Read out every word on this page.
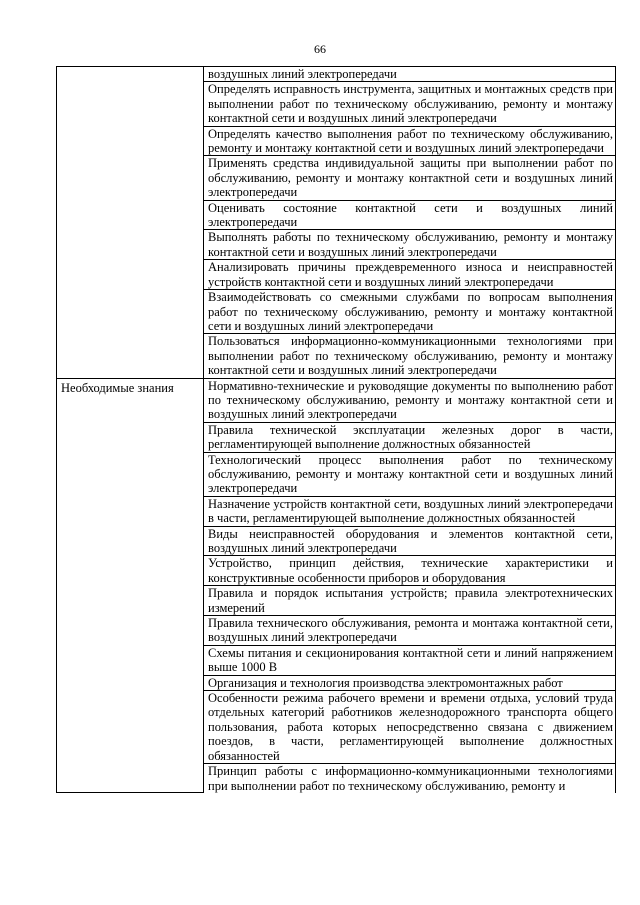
66
	воздушных линий электропередачи
	Определять исправность инструмента, защитных и монтажных средств при выполнении работ по техническому обслуживанию, ремонту и монтажу контактной сети и воздушных линий электропередачи
	Определять качество выполнения работ по техническому обслуживанию, ремонту и монтажу контактной сети и воздушных линий электропередачи
	Применять средства индивидуальной защиты при выполнении работ по обслуживанию, ремонту и монтажу контактной сети и воздушных линий электропередачи
	Оценивать состояние контактной сети и воздушных линий электропередачи
	Выполнять работы по техническому обслуживанию, ремонту и монтажу контактной сети и воздушных линий электропередачи
	Анализировать причины преждевременного износа и неисправностей устройств контактной сети и воздушных линий электропередачи
	Взаимодействовать со смежными службами по вопросам выполнения работ по техническому обслуживанию, ремонту и монтажу контактной сети и воздушных линий электропередачи
	Пользоваться информационно-коммуникационными технологиями при выполнении работ по техническому обслуживанию, ремонту и монтажу контактной сети и воздушных линий электропередачи
Необходимые знания	Нормативно-технические и руководящие документы по выполнению работ по техническому обслуживанию, ремонту и монтажу контактной сети и воздушных линий электропередачи
	Правила технической эксплуатации железных дорог в части, регламентирующей выполнение должностных обязанностей
	Технологический процесс выполнения работ по техническому обслуживанию, ремонту и монтажу контактной сети и воздушных линий электропередачи
	Назначение устройств контактной сети, воздушных линий электропередачи в части, регламентирующей выполнение должностных обязанностей
	Виды неисправностей оборудования и элементов контактной сети, воздушных линий электропередачи
	Устройство, принцип действия, технические характеристики и конструктивные особенности приборов и оборудования
	Правила и порядок испытания устройств; правила электротехнических измерений
	Правила технического обслуживания, ремонта и монтажа контактной сети, воздушных линий электропередачи
	Схемы питания и секционирования контактной сети и линий напряжением выше 1000 В
	Организация и технология производства электромонтажных работ
	Особенности режима рабочего времени и времени отдыха, условий труда отдельных категорий работников железнодорожного транспорта общего пользования, работа которых непосредственно связана с движением поездов, в части, регламентирующей выполнение должностных обязанностей
	Принцип работы с информационно-коммуникационными технологиями при выполнении работ по техническому обслуживанию, ремонту и
